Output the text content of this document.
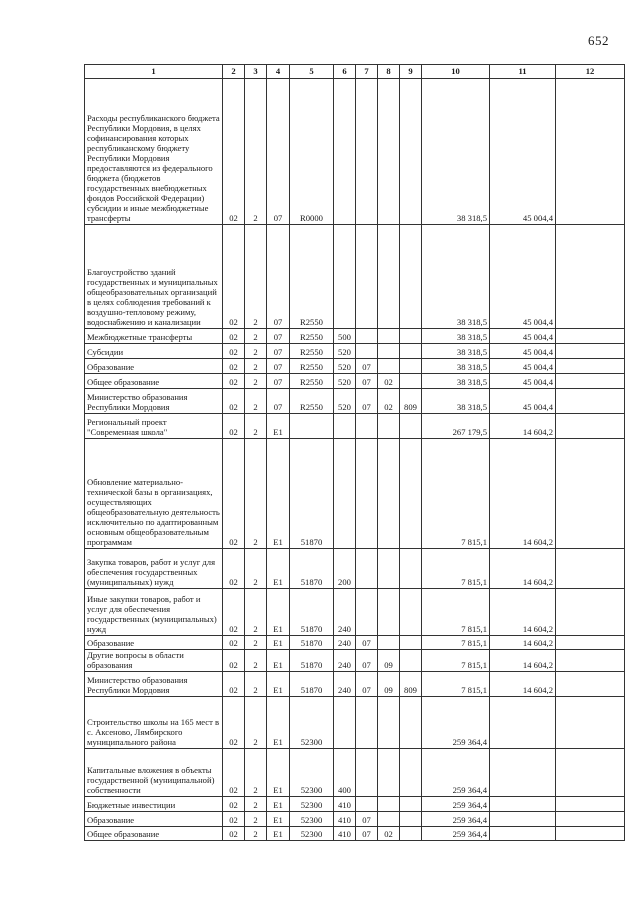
652
1	2	3	4	5	6	7	8	9	10	11	12
Расходы республиканского бюджета Республики Мордовия, в целях софинансирования которых республиканскому бюджету Республики Мордовия предоставляются из федерального бюджета (бюджетов государственных внебюджетных фондов Российской Федерации) субсидии и иные межбюджетные трансферты	02	2	07	R0000					38 318,5	45 004,4	
Благоустройство зданий государственных и муниципальных общеобразовательных организаций в целях соблюдения требований к воздушно-тепловому режиму, водоснабжению и канализации	02	2	07	R2550					38 318,5	45 004,4	
Межбюджетные трансферты	02	2	07	R2550	500				38 318,5	45 004,4	
Субсидии	02	2	07	R2550	520				38 318,5	45 004,4	
Образование	02	2	07	R2550	520	07			38 318,5	45 004,4	
Общее образование	02	2	07	R2550	520	07	02		38 318,5	45 004,4	
Министерство образования Республики Мордовия	02	2	07	R2550	520	07	02	809	38 318,5	45 004,4	
Региональный проект "Современная школа"	02	2	E1						267 179,5	14 604,2	
Обновление материально-технической базы в организациях, осуществляющих общеобразовательную деятельность исключительно по адаптированным основным общеобразовательным программам	02	2	E1	51870					7 815,1	14 604,2	
Закупка товаров, работ и услуг для обеспечения государственных (муниципальных) нужд	02	2	E1	51870	200				7 815,1	14 604,2	
Иные закупки товаров, работ и услуг для обеспечения государственных (муниципальных) нужд	02	2	E1	51870	240				7 815,1	14 604,2	
Образование	02	2	E1	51870	240	07			7 815,1	14 604,2	
Другие вопросы в области образования	02	2	E1	51870	240	07	09		7 815,1	14 604,2	
Министерство образования Республики Мордовия	02	2	E1	51870	240	07	09	809	7 815,1	14 604,2	
Строительство школы на 165 мест в с. Аксеново, Лямбирского муниципального района	02	2	E1	52300					259 364,4		
Капитальные вложения в объекты государственной (муниципальной) собственности	02	2	E1	52300	400				259 364,4		
Бюджетные инвестиции	02	2	E1	52300	410				259 364,4		
Образование	02	2	E1	52300	410	07			259 364,4		
Общее образование	02	2	E1	52300	410	07	02		259 364,4		
